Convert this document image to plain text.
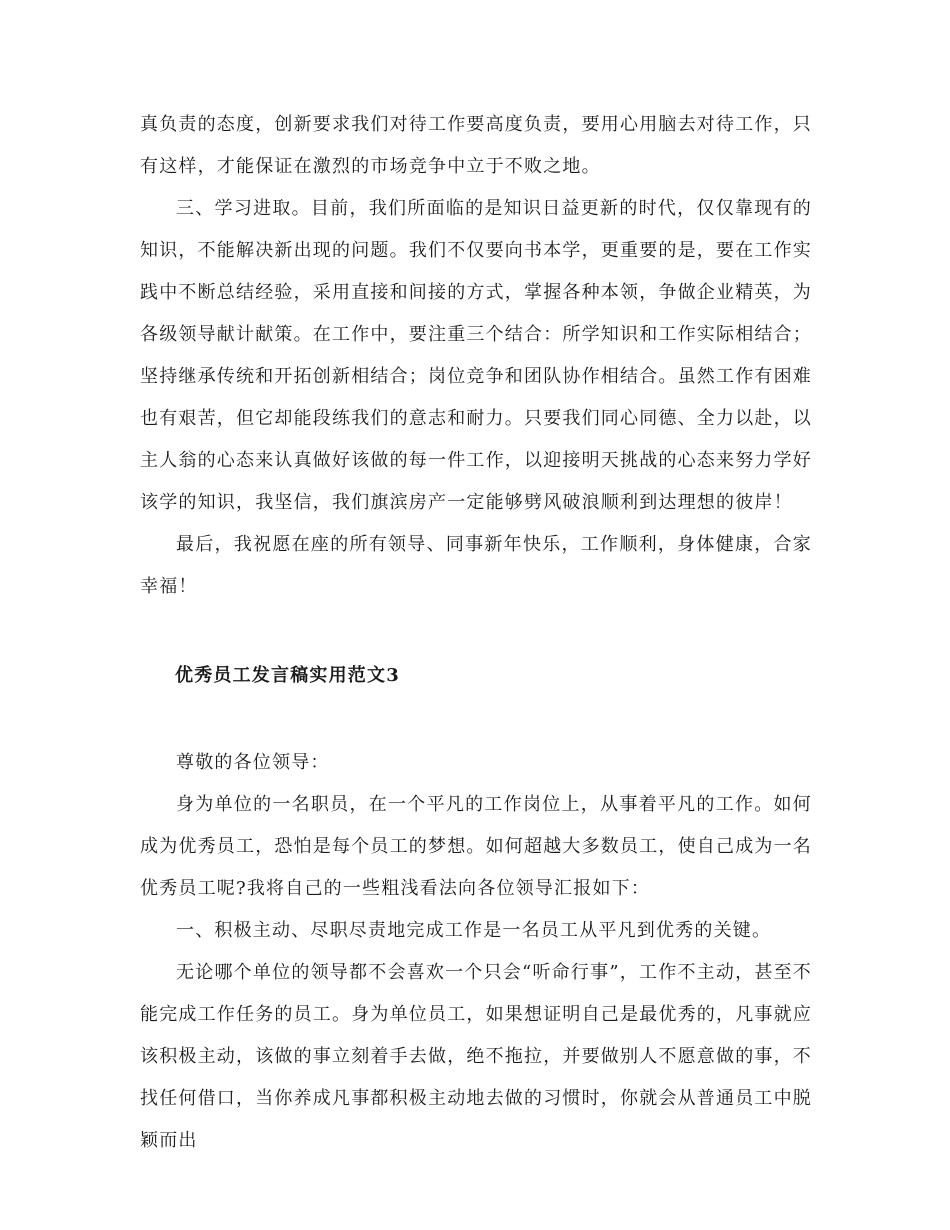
真负责的态度，创新要求我们对待工作要高度负责，要用心用脑去对待工作，只有这样，才能保证在激烈的市场竞争中立于不败之地。

三、学习进取。目前，我们所面临的是知识日益更新的时代，仅仅靠现有的知识，不能解决新出现的问题。我们不仅要向书本学，更重要的是，要在工作实践中不断总结经验，采用直接和间接的方式，掌握各种本领，争做企业精英，为各级领导献计献策。在工作中，要注重三个结合：所学知识和工作实际相结合；坚持继承传统和开拓创新相结合；岗位竞争和团队协作相结合。虽然工作有困难也有艰苦，但它却能段练我们的意志和耐力。只要我们同心同德、全力以赴，以主人翁的心态来认真做好该做的每一件工作，以迎接明天挑战的心态来努力学好该学的知识，我坚信，我们旗滨房产一定能够劈风破浪顺利到达理想的彼岸！

最后，我祝愿在座的所有领导、同事新年快乐，工作顺利，身体健康，合家幸福！

优秀员工发言稿实用范文3

尊敬的各位领导：

身为单位的一名职员，在一个平凡的工作岗位上，从事着平凡的工作。如何成为优秀员工，恐怕是每个员工的梦想。如何超越大多数员工，使自己成为一名优秀员工呢?我将自己的一些粗浅看法向各位领导汇报如下：

一、积极主动、尽职尽责地完成工作是一名员工从平凡到优秀的关键。

无论哪个单位的领导都不会喜欢一个只会“听命行事”，工作不主动，甚至不能完成工作任务的员工。身为单位员工，如果想证明自己是最优秀的，凡事就应该积极主动，该做的事立刻着手去做，绝不拖拉，并要做别人不愿意做的事，不找任何借口，当你养成凡事都积极主动地去做的习惯时，你就会从普通员工中脱颖而出
